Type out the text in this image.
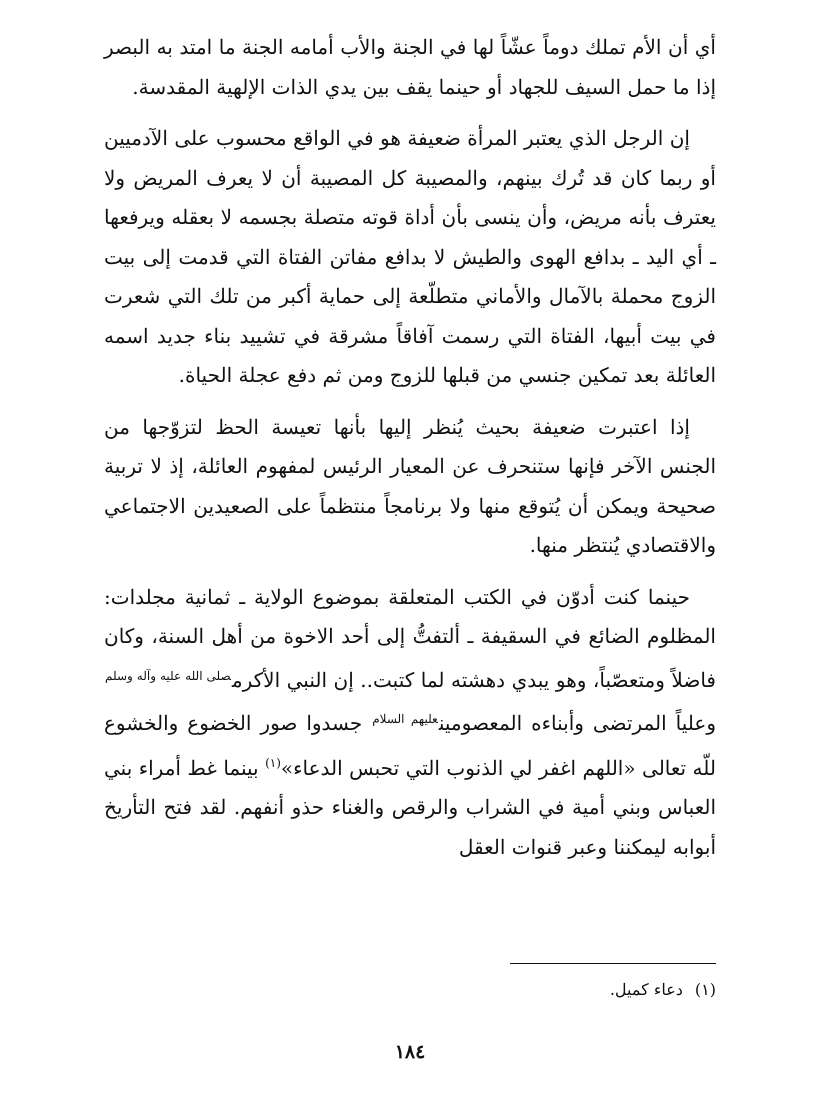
أي أن الأم تملك دوماً عشّاً لها في الجنة والأب أمامه الجنة ما امتد به البصر إذا ما حمل السيف للجهاد أو حينما يقف بين يدي الذات الإلهية المقدسة.

إن الرجل الذي يعتبر المرأة ضعيفة هو في الواقع محسوب على الآدميين أو ربما كان قد تُرك بينهم، والمصيبة كل المصيبة أن لا يعرف المريض ولا يعترف بأنه مريض، وأن ينسى بأن أداة قوته متصلة بجسمه لا بعقله ويرفعها ـ أي اليد ـ بدافع الهوى والطيش لا بدافع مفاتن الفتاة التي قدمت إلى بيت الزوج محملة بالآمال والأماني متطلّعة إلى حماية أكبر من تلك التي شعرت في بيت أبيها، الفتاة التي رسمت آفاقاً مشرقة في تشييد بناء جديد اسمه العائلة بعد تمكين جنسي من قبلها للزوج ومن ثم دفع عجلة الحياة.

إذا اعتبرت ضعيفة بحيث يُنظر إليها بأنها تعيسة الحظ لتزوّجها من الجنس الآخر فإنها ستنحرف عن المعيار الرئيس لمفهوم العائلة، إذ لا تربية صحيحة ويمكن أن يُتوقع منها ولا برنامجاً منتظماً على الصعيدين الاجتماعي والاقتصادي يُنتظر منها.

حينما كنت أدوّن في الكتب المتعلقة بموضوع الولاية ـ ثمانية مجلدات: المظلوم الضائع في السقيفة ـ ألتفتُّ إلى أحد الاخوة من أهل السنة، وكان فاضلاً ومتعصّباً، وهو يبدي دهشته لما كتبت.. إن النبي الأكرم$^{صلى الله عليه وآله وسلم}$ وعلياً المرتضى وأبناءه المعصومين$^{عليهم السلام}$ جسدوا صور الخضوع والخشوع للّه تعالى «اللهم اغفر لي الذنوب التي تحبس الدعاء»$^{(١)}$ بينما غط أمراء بني العباس وبني أمية في الشراب والرقص والغناء حذو أنفهم. لقد فتح التأريخ أبوابه ليمكننا وعبر قنوات العقل

(١)دعاء كميل.
١٨٤
